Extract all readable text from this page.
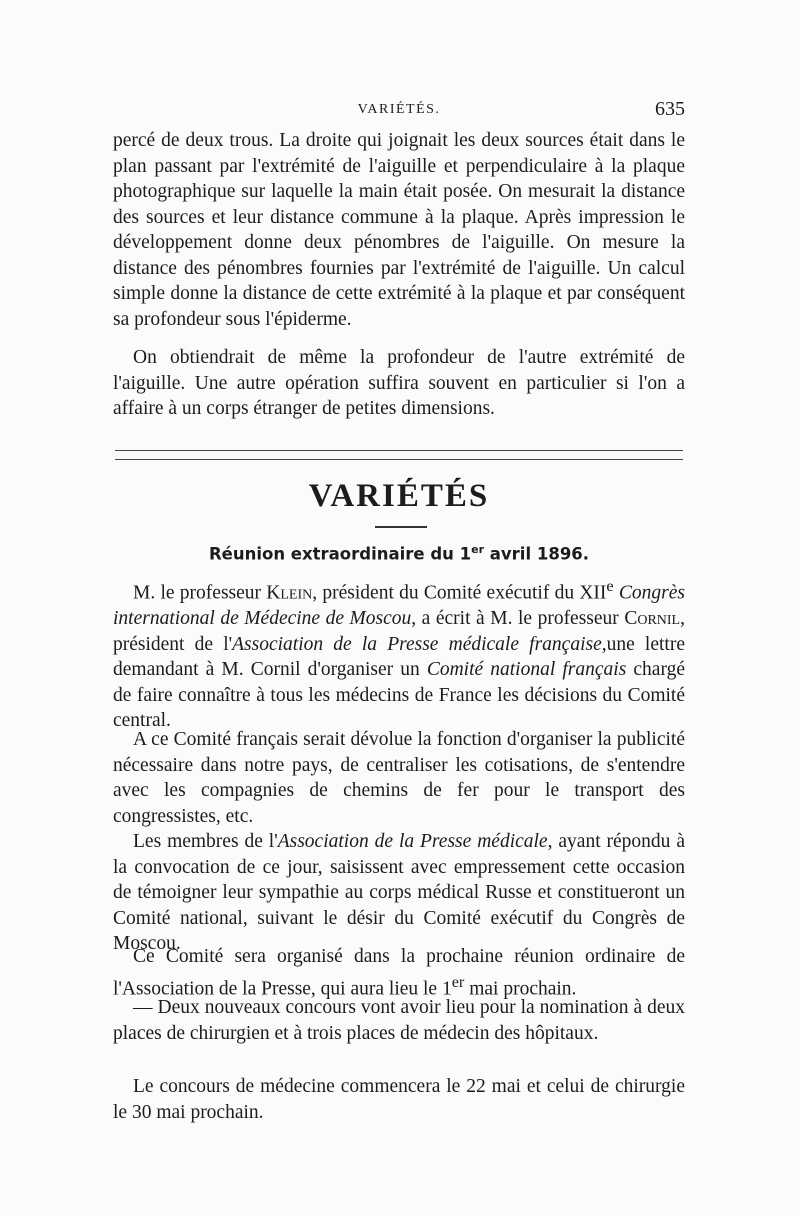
VARIÉTÉS.	635

percé de deux trous. La droite qui joignait les deux sources était dans le plan passant par l'extrémité de l'aiguille et perpendiculaire à la plaque photographique sur laquelle la main était posée. On mesurait la distance des sources et leur distance commune à la plaque. Après impression le développement donne deux pénombres de l'aiguille. On mesure la distance des pénombres fournies par l'extrémité de l'aiguille. Un calcul simple donne la distance de cette extrémité à la plaque et par conséquent sa profondeur sous l'épiderme.

On obtiendrait de même la profondeur de l'autre extrémité de l'aiguille. Une autre opération suffira souvent en particulier si l'on a affaire à un corps étranger de petites dimensions.

VARIÉTÉS
Réunion extraordinaire du 1er avril 1896.

M. le professeur Klein, président du Comité exécutif du XIIe Congrès international de Médecine de Moscou, a écrit à M. le professeur Cornil, président de l'Association de la Presse médicale française,une lettre demandant à M. Cornil d'organiser un Comité national français chargé de faire connaître à tous les médecins de France les décisions du Comité central.

A ce Comité français serait dévolue la fonction d'organiser la publicité nécessaire dans notre pays, de centraliser les cotisations, de s'entendre avec les compagnies de chemins de fer pour le transport des congressistes, etc.

Les membres de l'Association de la Presse médicale, ayant répondu à la convocation de ce jour, saisissent avec empressement cette occasion de témoigner leur sympathie au corps médical Russe et constitueront un Comité national, suivant le désir du Comité exécutif du Congrès de Moscou.

Ce Comité sera organisé dans la prochaine réunion ordinaire de l'Association de la Presse, qui aura lieu le 1er mai prochain.

— Deux nouveaux concours vont avoir lieu pour la nomination à deux places de chirurgien et à trois places de médecin des hôpitaux.

Le concours de médecine commencera le 22 mai et celui de chirurgie le 30 mai prochain.
